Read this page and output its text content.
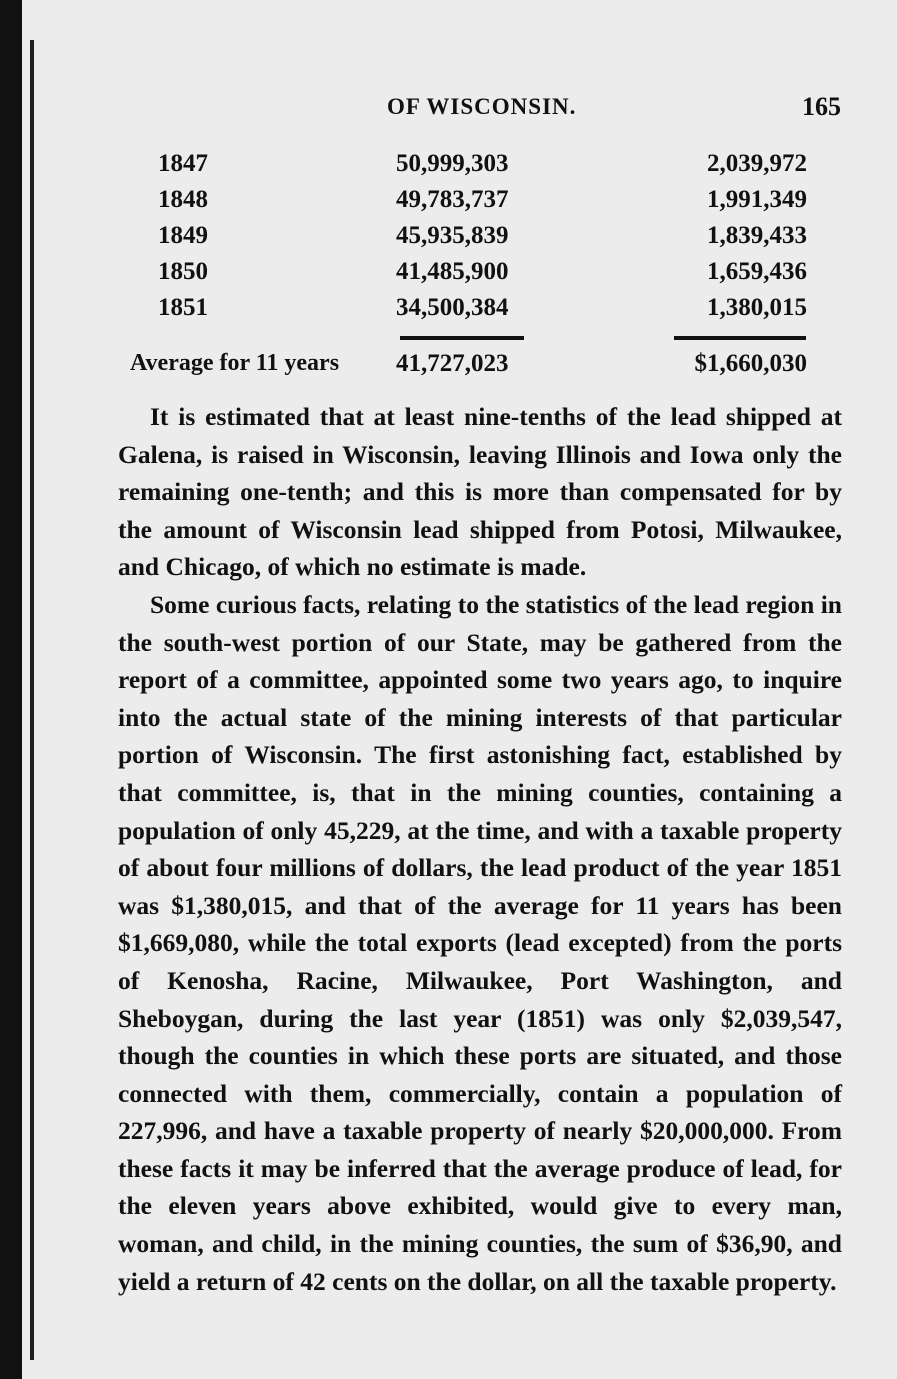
OF WISCONSIN.	165
1847	50,999,303	2,039,972
1848	49,783,737	1,991,349
1849	45,935,839	1,839,433
1850	41,485,900	1,659,436
1851	34,500,384	1,380,015
Average for 11 years 41,727,023	$1,660,030

It is estimated that at least nine-tenths of the lead shipped at Galena, is raised in Wisconsin, leaving Illinois and Iowa only the remaining one-tenth; and this is more than compensated for by the amount of Wisconsin lead shipped from Potosi, Milwaukee, and Chicago, of which no estimate is made.

Some curious facts, relating to the statistics of the lead region in the south-west portion of our State, may be gathered from the report of a committee, appointed some two years ago, to inquire into the actual state of the mining interests of that particular portion of Wisconsin. The first astonishing fact, established by that committee, is, that in the mining counties, containing a population of only 45,229, at the time, and with a taxable property of about four millions of dollars, the lead product of the year 1851 was $1,380,015, and that of the average for 11 years has been $1,669,080, while the total exports (lead excepted) from the ports of Kenosha, Racine, Milwaukee, Port Washington, and Sheboygan, during the last year (1851) was only $2,039,547, though the counties in which these ports are situated, and those connected with them, commercially, contain a population of 227,996, and have a taxable property of nearly $20,000,000. From these facts it may be inferred that the average produce of lead, for the eleven years above exhibited, would give to every man, woman, and child, in the mining counties, the sum of $36,90, and yield a return of 42 cents on the dollar, on all the taxable property.
